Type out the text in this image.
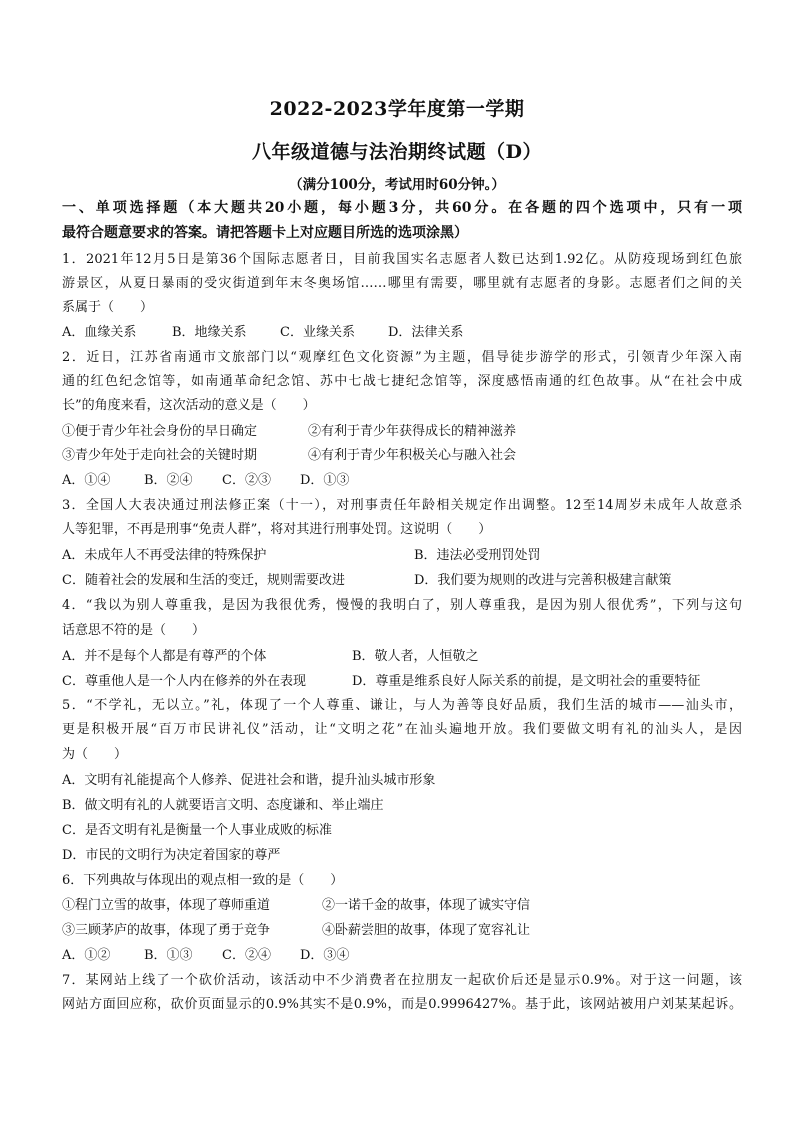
2022-2023学年度第一学期
八年级道德与法治期终试题（D）
（满分100分，考试用时60分钟。）
一、单项选择题（本大题共20小题，每小题3分，共60分。在各题的四个选项中，只有一项
最符合题意要求的答案。请把答题卡上对应题目所选的选项涂黑）
1．2021年12月5日是第36个国际志愿者日，目前我国实名志愿者人数已达到1.92亿。从防疫现场到红色旅
游景区，从夏日暴雨的受灾街道到年末冬奥场馆……哪里有需要，哪里就有志愿者的身影。志愿者们之间的关
系属于（　　）
A．血缘关系	B．地缘关系	C．业缘关系	D．法律关系
2．近日，江苏省南通市文旅部门以“观摩红色文化资源”为主题，倡导徒步游学的形式，引领青少年深入南
通的红色纪念馆等，如南通革命纪念馆、苏中七战七捷纪念馆等，深度感悟南通的红色故事。从“在社会中成
长”的角度来看，这次活动的意义是（　　）
①便于青少年社会身份的早日确定	②有利于青少年获得成长的精神滋养
③青少年处于走向社会的关键时期	④有利于青少年积极关心与融入社会
A．①④	B．②④ C．②③ D．①③
3．全国人大表决通过刑法修正案（十一），对刑事责任年龄相关规定作出调整。12至14周岁未成年人故意杀
人等犯罪，不再是刑事“免责人群”，将对其进行刑事处罚。这说明（　　）
A．未成年人不再受法律的特殊保护	B．违法必受刑罚处罚
C．随着社会的发展和生活的变迁，规则需要改进	D．我们要为规则的改进与完善积极建言献策
4．“我以为别人尊重我，是因为我很优秀，慢慢的我明白了，别人尊重我，是因为别人很优秀”，下列与这句
话意思不符的是（　　）
A．并不是每个人都是有尊严的个体	B．敬人者，人恒敬之
C．尊重他人是一个人内在修养的外在表现	D．尊重是维系良好人际关系的前提，是文明社会的重要特征
5．“不学礼，无以立。”礼，体现了一个人尊重、谦让，与人为善等良好品质，我们生活的城市——汕头市，
更是积极开展“百万市民讲礼仪”活动，让“文明之花”在汕头遍地开放。我们要做文明有礼的汕头人，是因
为（　　）
A．文明有礼能提高个人修养、促进社会和谐，提升汕头城市形象
B．做文明有礼的人就要语言文明、态度谦和、举止端庄
C．是否文明有礼是衡量一个人事业成败的标准
D．市民的文明行为决定着国家的尊严
6．下列典故与体现出的观点相一致的是（　　）
①程门立雪的故事，体现了尊师重道	②一诺千金的故事，体现了诚实守信
③三顾茅庐的故事，体现了勇于竞争	④卧薪尝胆的故事，体现了宽容礼让
A．①②	B．①③ C．②④ D．③④
7．某网站上线了一个砍价活动，该活动中不少消费者在拉朋友一起砍价后还是显示0.9%。对于这一问题，该
网站方面回应称，砍价页面显示的0.9%其实不是0.9%，而是0.9996427%。基于此，该网站被用户刘某某起诉。
